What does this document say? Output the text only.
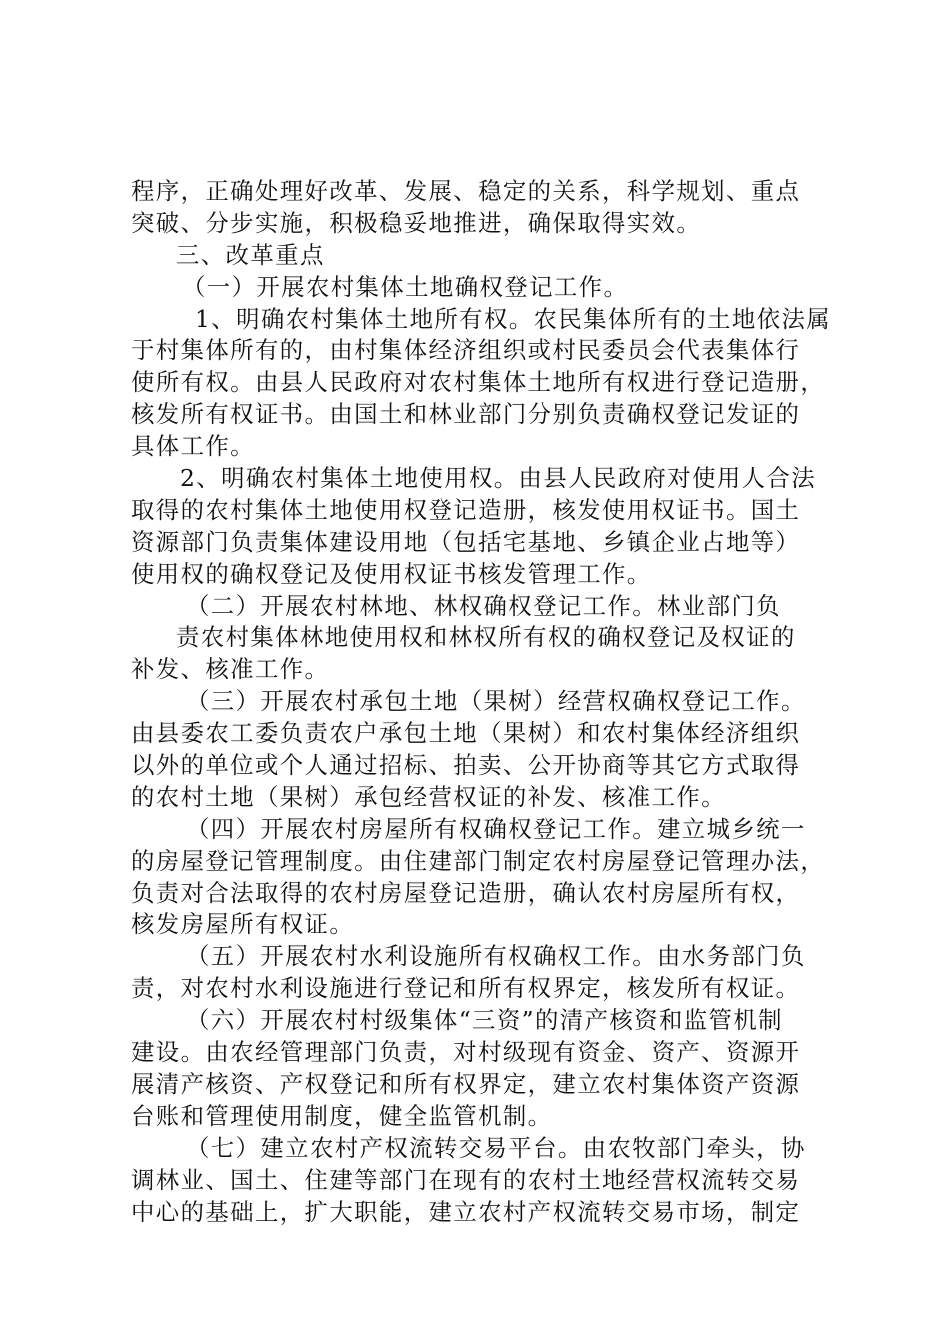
程序，正确处理好改革、发展、稳定的关系，科学规划、重点
突破、分步实施，积极稳妥地推进，确保取得实效。
三、改革重点
（一）开展农村集体土地确权登记工作。
1、明确农村集体土地所有权。农民集体所有的土地依法属
于村集体所有的，由村集体经济组织或村民委员会代表集体行
使所有权。由县人民政府对农村集体土地所有权进行登记造册，
核发所有权证书。由国土和林业部门分别负责确权登记发证的
具体工作。
2、明确农村集体土地使用权。由县人民政府对使用人合法
取得的农村集体土地使用权登记造册，核发使用权证书。国土
资源部门负责集体建设用地（包括宅基地、乡镇企业占地等）
使用权的确权登记及使用权证书核发管理工作。
（二）开展农村林地、林权确权登记工作。林业部门负
责农村集体林地使用权和林权所有权的确权登记及权证的
补发、核准工作。
（三）开展农村承包土地（果树）经营权确权登记工作。
由县委农工委负责农户承包土地（果树）和农村集体经济组织
以外的单位或个人通过招标、拍卖、公开协商等其它方式取得
的农村土地（果树）承包经营权证的补发、核准工作。
（四）开展农村房屋所有权确权登记工作。建立城乡统一
的房屋登记管理制度。由住建部门制定农村房屋登记管理办法，
负责对合法取得的农村房屋登记造册，确认农村房屋所有权，
核发房屋所有权证。
（五）开展农村水利设施所有权确权工作。由水务部门负
责，对农村水利设施进行登记和所有权界定，核发所有权证。
（六）开展农村村级集体“三资”的清产核资和监管机制
建设。由农经管理部门负责，对村级现有资金、资产、资源开
展清产核资、产权登记和所有权界定，建立农村集体资产资源
台账和管理使用制度，健全监管机制。
（七）建立农村产权流转交易平台。由农牧部门牵头，协
调林业、国土、住建等部门在现有的农村土地经营权流转交易
中心的基础上，扩大职能，建立农村产权流转交易市场，制定
